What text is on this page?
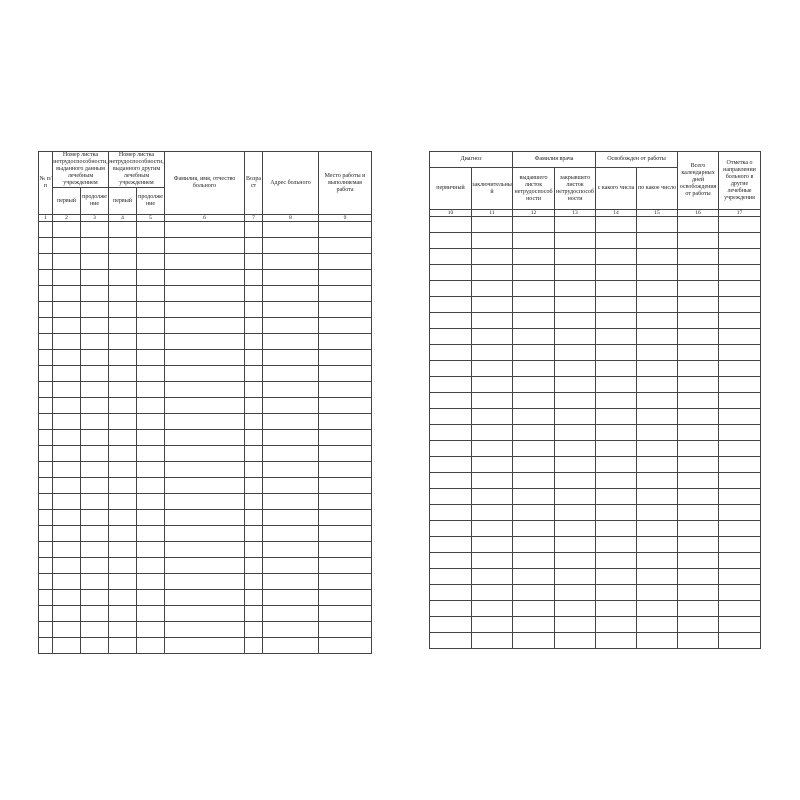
№ п/п	Номер листка нетрудоспособности, выданного данным лечебным учреждением		Номер листка нетрудоспособности, выданного другим лечебным учреждением		Фамилия, имя, отчество больного	Возраст	Адрес больного	Место работы и выполняемая работа
	первый	продолжение	первый	продолжение				
1	2	3	4	5	6	7	8	9

Диагноз		Фамилия врача		Освобожден от работы		Всего календарных дней освобождения от работы	Отметка о направлении больного в другие лечебные учреждения
первичный	заключительный	выдавшего листок нетрудоспособности	закрывшего листок нетрудоспособности	с какого числа	по какое число		
10	11	12	13	14	15	16	17
